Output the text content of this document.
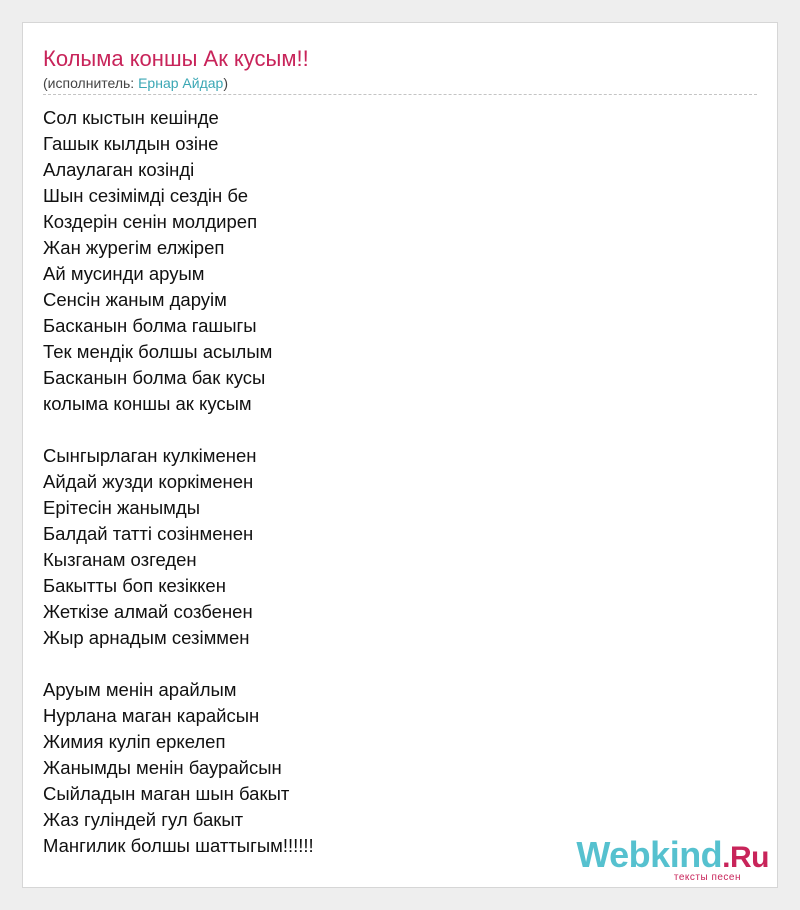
Колыма коншы Ак кусым!!
(исполнитель: Ернар Айдар)
Сол кыстын кешінде
Гашык кылдын озіне
Алаулаган козінді
Шын сезімімді сездін бе
Коздерін сенін молдиреп
Жан журегім елжіреп
Ай мусинди аруым
Сенсін жаным даруім
Басканын болма гашыгы
Тек мендік болшы асылым
Басканын болма бак кусы
колыма коншы ак кусым
Сынгырлаган кулкіменен
Айдай жузди коркіменен
Ерітесін жанымды
Балдай татті созінменен
Кызганам озгеден
Бакытты боп кезіккен
Жеткізе алмай созбенен
Жыр арнадым сезіммен
Аруым менін арайлым
Нурлана маган карайсын
Жимия куліп еркелеп
Жанымды менін баурайсын
Сыйладын маган шын бакыт
Жаз гуліндей гул бакыт
Мангилик болшы шаттыгым!!!!!!	Webkind.Ru
тексты песен
